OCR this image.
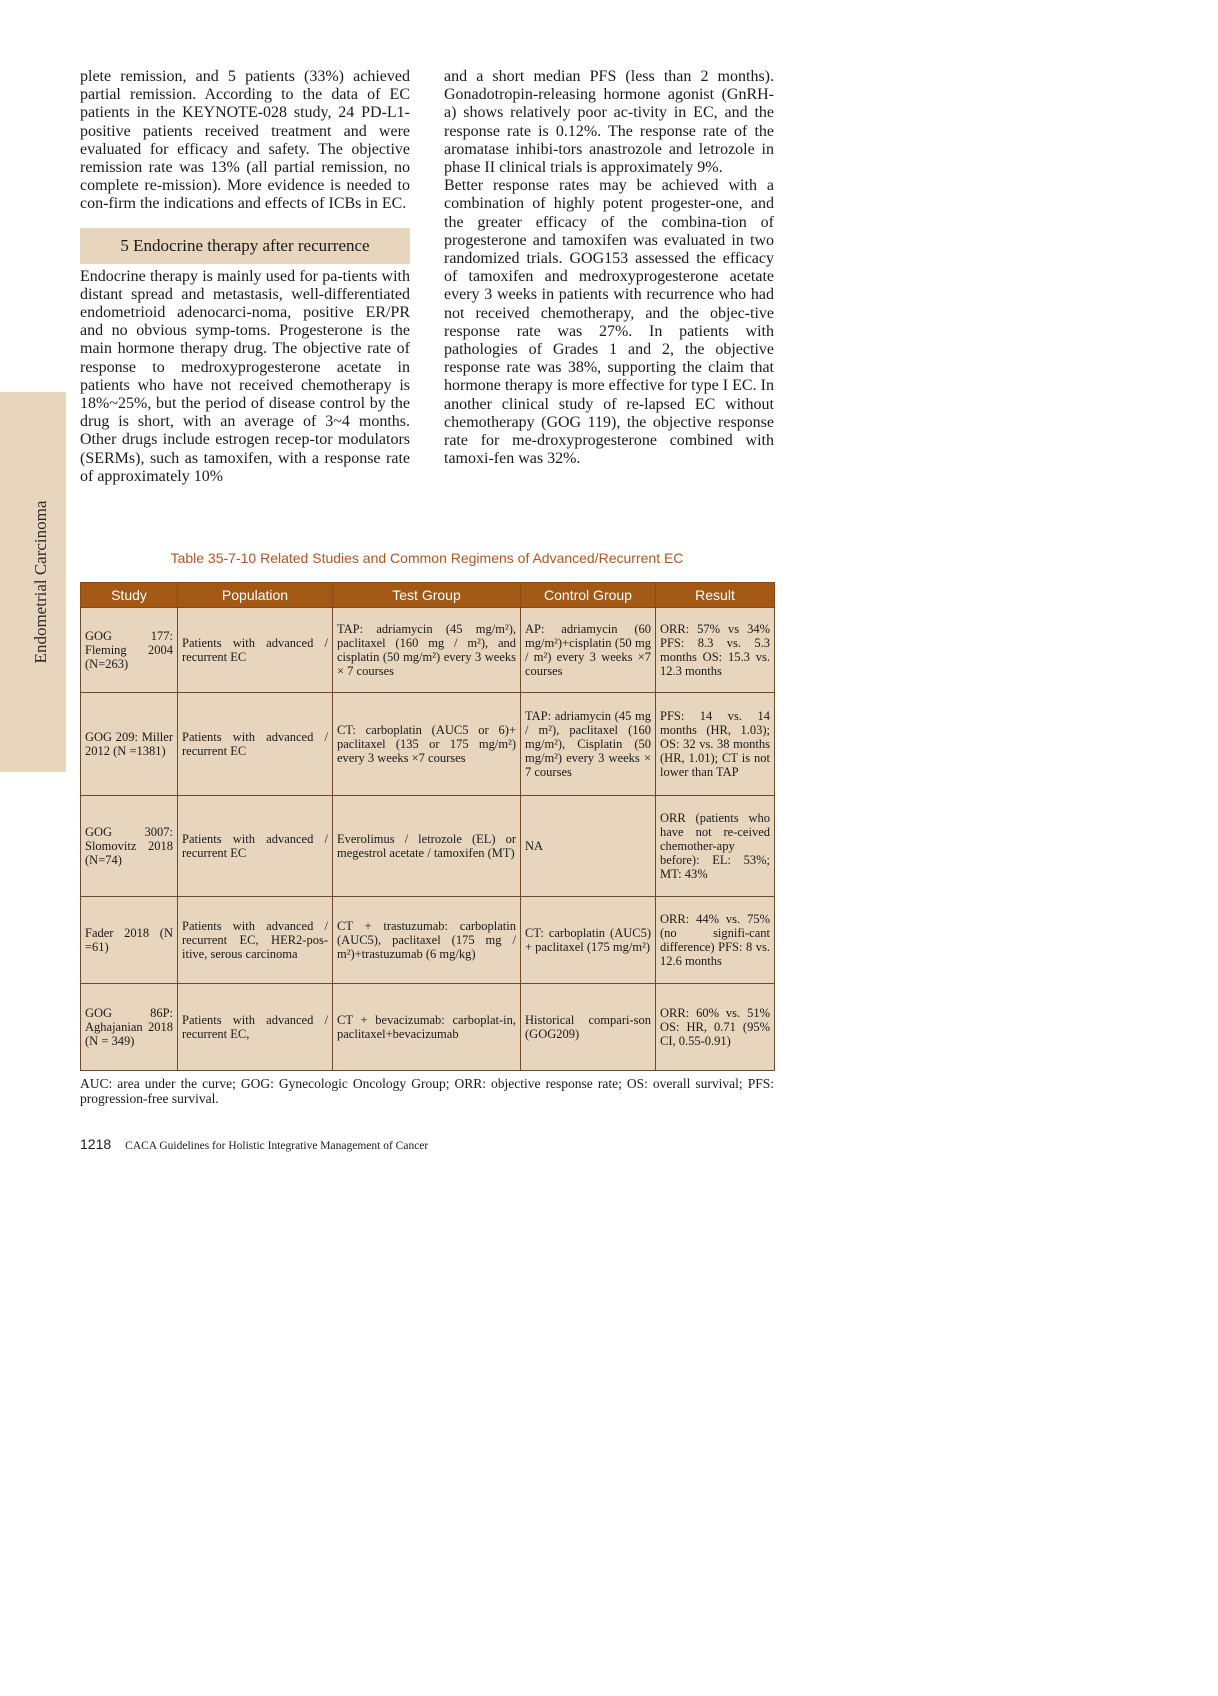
Endometrial Carcinoma

plete remission, and 5 patients (33%) achieved partial remission. According to the data of EC patients in the KEYNOTE-028 study, 24 PD-L1-positive patients received treatment and were evaluated for efficacy and safety. The objective remission rate was 13% (all partial remission, no complete re-mission). More evidence is needed to con-firm the indications and effects of ICBs in EC.

5 Endocrine therapy after recurrence

Endocrine therapy is mainly used for pa-tients with distant spread and metastasis, well-differentiated endometrioid adenocarci-noma, positive ER/PR and no obvious symp-toms. Progesterone is the main hormone therapy drug. The objective rate of response to medroxyprogesterone acetate in patients who have not received chemotherapy is 18%~25%, but the period of disease control by the drug is short, with an average of 3~4 months. Other drugs include estrogen recep-tor modulators (SERMs), such as tamoxifen, with a response rate of approximately 10%

and a short median PFS (less than 2 months). Gonadotropin-releasing hormone agonist (GnRH-a) shows relatively poor ac-tivity in EC, and the response rate is 0.12%. The response rate of the aromatase inhibi-tors anastrozole and letrozole in phase II clinical trials is approximately 9%.

Better response rates may be achieved with a combination of highly potent progester-one, and the greater efficacy of the combina-tion of progesterone and tamoxifen was evaluated in two randomized trials. GOG153 assessed the efficacy of tamoxifen and medroxyprogesterone acetate every 3 weeks in patients with recurrence who had not received chemotherapy, and the objec-tive response rate was 27%. In patients with pathologies of Grades 1 and 2, the objective response rate was 38%, supporting the claim that hormone therapy is more effective for type I EC. In another clinical study of re-lapsed EC without chemotherapy (GOG 119), the objective response rate for me-droxyprogesterone combined with tamoxi-fen was 32%.

Table 35-7-10 Related Studies and Common Regimens of Advanced/Recurrent EC
Study	Population	Test Group	Control Group	Result
GOG 177: Fleming 2004 (N=263)	Patients with advanced / recurrent EC	TAP: adriamycin (45 mg/m²), paclitaxel (160 mg / m²), and cisplatin (50 mg/m²) every 3 weeks × 7 courses	AP: adriamycin (60 mg/m²)+cisplatin (50 mg / m²) every 3 weeks ×7 courses	ORR: 57% vs 34% PFS: 8.3 vs. 5.3 months OS: 15.3 vs. 12.3 months
GOG 209: Miller 2012 (N =1381)	Patients with advanced / recurrent EC	CT: carboplatin (AUC5 or 6)+ paclitaxel (135 or 175 mg/m²) every 3 weeks ×7 courses	TAP: adriamycin (45 mg / m²), paclitaxel (160 mg/m²), Cisplatin (50 mg/m²) every 3 weeks × 7 courses	PFS: 14 vs. 14 months (HR, 1.03); OS: 32 vs. 38 months (HR, 1.01); CT is not lower than TAP
GOG 3007: Slomovitz 2018 (N=74)	Patients with advanced / recurrent EC	Everolimus / letrozole (EL) or megestrol acetate / tamoxifen (MT)	NA	ORR (patients who have not re-ceived chemother-apy before): EL: 53%; MT: 43%
Fader 2018 (N =61)	Patients with advanced / recurrent EC, HER2-pos-itive, serous carcinoma	CT + trastuzumab: carboplatin (AUC5), paclitaxel (175 mg / m²)+trastuzumab (6 mg/kg)	CT: carboplatin (AUC5) + paclitaxel (175 mg/m²)	ORR: 44% vs. 75% (no signifi-cant difference) PFS: 8 vs. 12.6 months
GOG 86P: Aghajanian 2018 (N = 349)	Patients with advanced / recurrent EC,	CT + bevacizumab: carboplat-in, paclitaxel+bevacizumab	Historical compari-son (GOG209)	ORR: 60% vs. 51% OS: HR, 0.71 (95% CI, 0.55-0.91)
AUC: area under the curve; GOG: Gynecologic Oncology Group; ORR: objective response rate; OS: overall survival; PFS: progression-free survival.
1218 CACA Guidelines for Holistic Integrative Management of Cancer
